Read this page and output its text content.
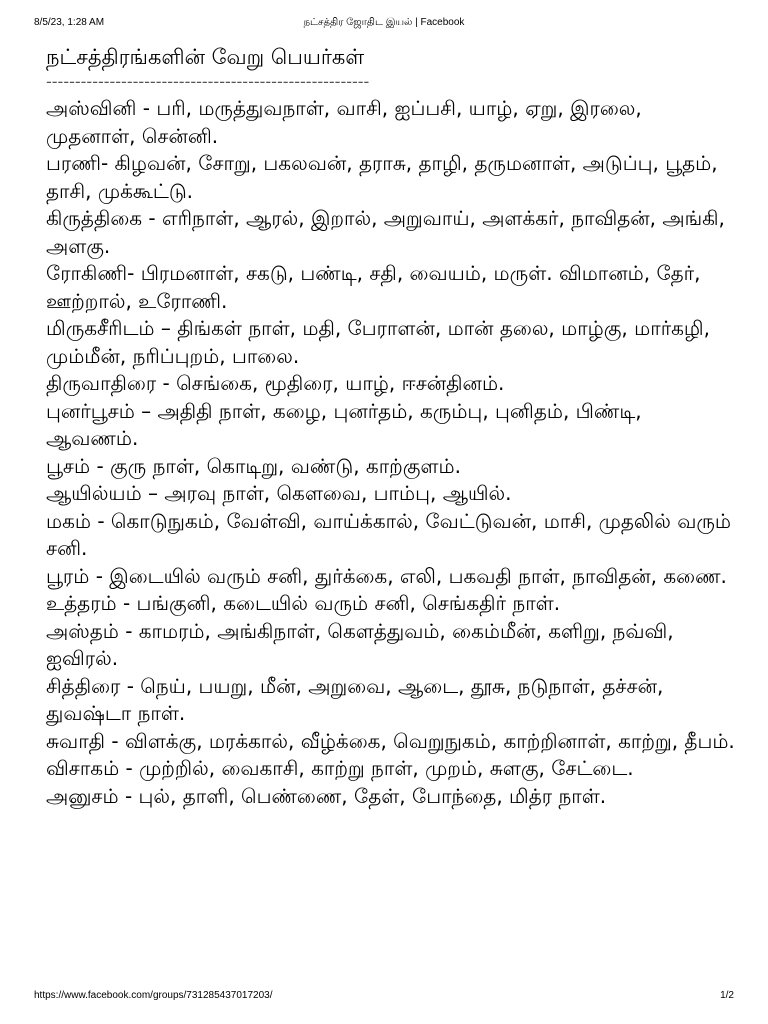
8/5/23, 1:28 AM	நட்சத்திர ஜோதிட இயல் | Facebook
நட்சத்திரங்களின் வேறு பெயர்கள்
--------------------------------------------------------
அஸ்வினி - பரி, மருத்துவநாள், வாசி, ஐப்பசி, யாழ், ஏறு, இரலை, முதனாள், சென்னி.
பரணி- கிழவன், சோறு, பகலவன், தராசு, தாழி, தருமனாள், அடுப்பு, பூதம், தாசி, முக்கூட்டு.
கிருத்திகை - எரிநாள், ஆரல், இறால், அறுவாய், அளக்கர், நாவிதன், அங்கி, அளகு.
ரோகிணி- பிரமனாள், சகடு, பண்டி, சதி, வையம், மருள். விமானம், தேர், ஊற்றால், உரோணி.
மிருகசீரிடம் – திங்கள் நாள், மதி, பேராளன், மான் தலை, மாழ்கு, மார்கழி, மும்மீன், நரிப்புறம், பாலை.
திருவாதிரை - செங்கை, மூதிரை, யாழ், ஈசன்தினம்.
புனர்பூசம் – அதிதி நாள், கழை, புனர்தம், கரும்பு, புனிதம், பிண்டி, ஆவணம்.
பூசம் - குரு நாள், கொடிறு, வண்டு, காற்குளம்.
ஆயில்யம் – அரவு நாள், கௌவை, பாம்பு, ஆயில்.
மகம் - கொடுநுகம், வேள்வி, வாய்க்கால், வேட்டுவன், மாசி, முதலில் வரும் சனி.
பூரம் - இடையில் வரும் சனி, துர்க்கை, எலி, பகவதி நாள், நாவிதன், கணை.
உத்தரம் - பங்குனி, கடையில் வரும் சனி, செங்கதிர் நாள்.
அஸ்தம் - காமரம், அங்கிநாள், கௌத்துவம், கைம்மீன், களிறு, நவ்வி, ஐவிரல்.
சித்திரை - நெய், பயறு, மீன், அறுவை, ஆடை, தூசு, நடுநாள், தச்சன், துவஷ்டா நாள்.
சுவாதி - விளக்கு, மரக்கால், வீழ்க்கை, வெறுநுகம், காற்றினாள், காற்று, தீபம்.
விசாகம் - முற்றில், வைகாசி, காற்று நாள், முறம், சுளகு, சேட்டை.
அனுசம் - புல், தாளி, பெண்ணை, தேள், போந்தை, மித்ர நாள்.
https://www.facebook.com/groups/731285437017203/	1/2
